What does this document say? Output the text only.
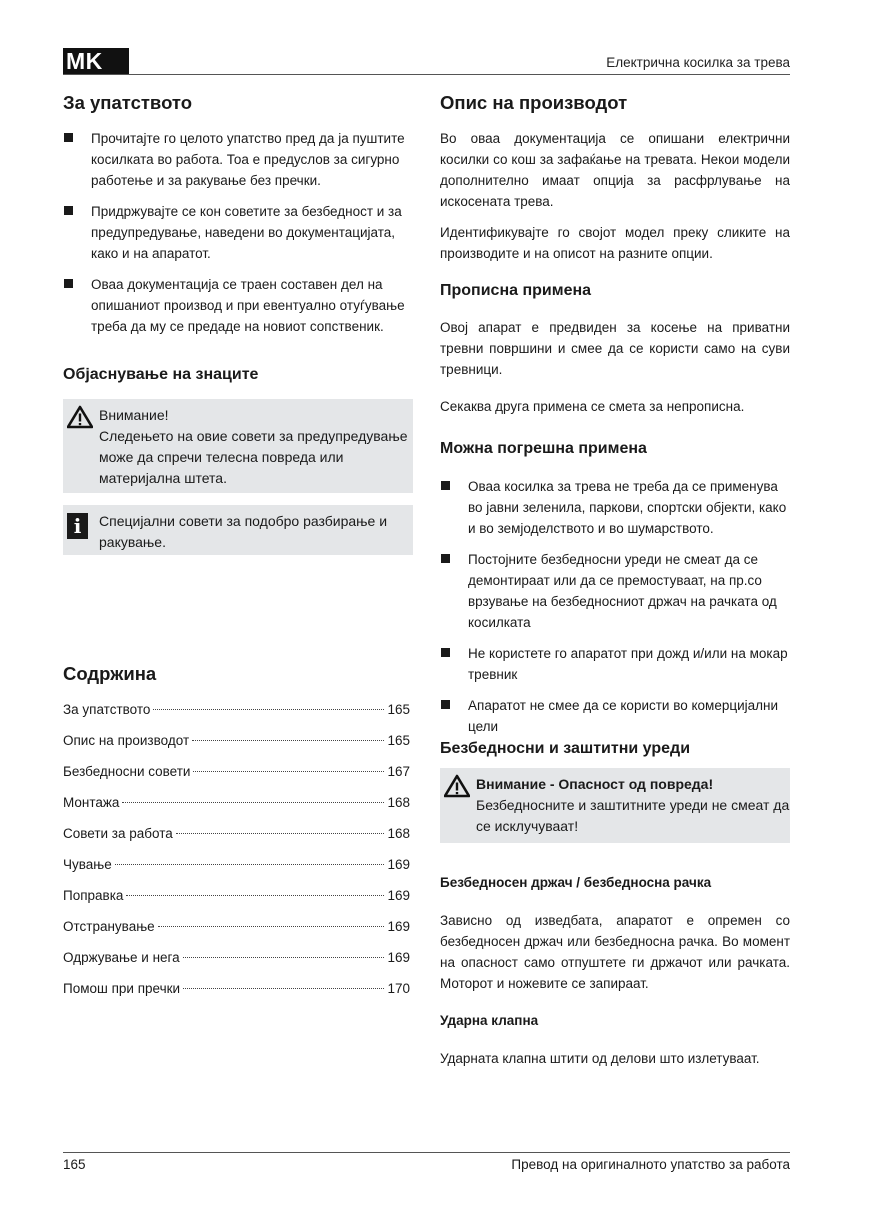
MK	Електрична косилка за трева
За упатството
Прочитајте го целото упатство пред да ја пуштите косилката во работа. Тоа е предуслов за сигурно работење и за ракување без пречки.
Придржувајте се кон советите за безбедност и за предупредување, наведени во документацијата, како и на апаратот.
Оваа документација се траен составен дел на опишаниот производ и при евентуално отуѓување треба да му се предаде на новиот сопственик.
Објаснување на знаците
Внимание!
Следењето на овие совети за предупредување може да спречи телесна повреда или материјална штета.
i	Специјални совети за подобро разбирање и ракување.
Содржина
За упатството	165
Опис на производот	165
Безбедносни совети	167
Монтажа	168
Совети за работа	168
Чување	169
Поправка	169
Отстранување	169
Одржување и нега	169
Помош при пречки	170
Опис на производот

Во оваа документација се опишани електрични косилки со кош за зафаќање на тревата. Некои модели дополнително имаат опција за расфрлување на искосената трева.

Идентификувајте го својот модел преку сликите на производите и на описот на разните опции.

Прописна примена

Овој апарат е предвиден за косење на приватни тревни површини и смее да се користи само на суви тревници.

Секаква друга примена се смета за непрописна.

Можна погрешна примена
Оваа косилка за трева не треба да се применува во јавни зеленила, паркови, спортски објекти, како и во земјоделството и во шумарството.
Постојните безбедносни уреди не смеат да се демонтираат или да се премостуваат, на пр.со врзување на безбедносниот држач на рачката од косилката
Не користете го апаратот при дожд и/или на мокар тревник
Апаратот не смее да се користи во комерцијални цели
Безбедносни и заштитни уреди
Внимание - Опасност од повреда!
Безбедносните и заштитните уреди не смеат да се исклучуваат!
Безбедносен држач / безбедносна рачка

Зависно од изведбата, апаратот е опремен со безбедносен држач или безбедносна рачка. Во момент на опасност само отпуштете ги држачот или рачката. Моторот и ножевите се запираат.

Ударна клапна

Ударната клапна штити од делови што излетуваат.

165	Превод на оригиналното упатство за работа
